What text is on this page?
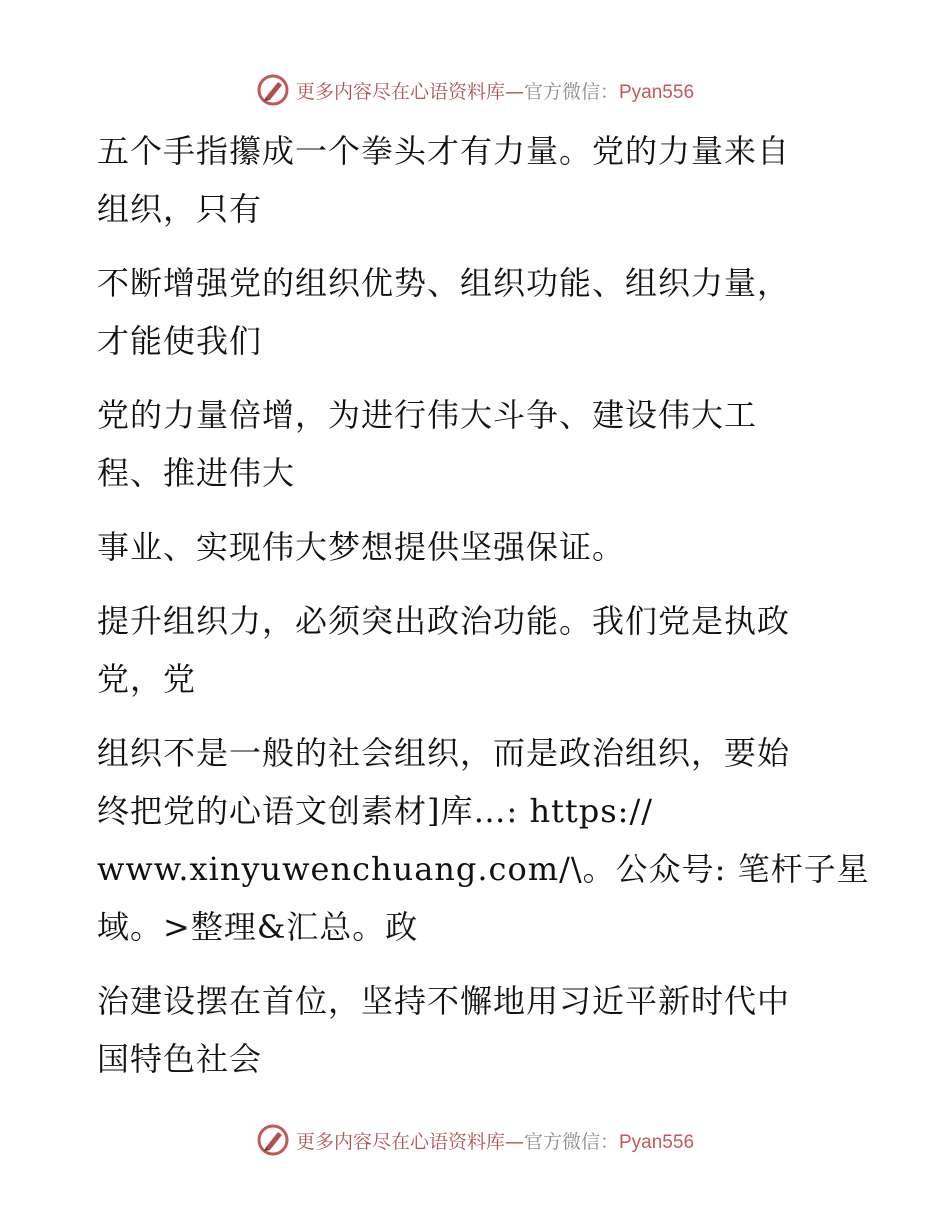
更多内容尽在心语资料库—官方微信：Pyan556
五个手指攥成一个拳头才有力量。党的力量来自
组织，只有
不断增强党的组织优势、组织功能、组织力量，
才能使我们
党的力量倍增，为进行伟大斗争、建设伟大工
程、推进伟大
事业、实现伟大梦想提供坚强保证。
提升组织力，必须突出政治功能。我们党是执政
党，党
组织不是一般的社会组织，而是政治组织，要始
终把党的心语文创素材]库…: https://
www.xinyuwenchuang.com/\。公众号: 笔杆子星
域。>整理&汇总。政
治建设摆在首位，坚持不懈地用习近平新时代中
国特色社会
更多内容尽在心语资料库—官方微信：Pyan556
